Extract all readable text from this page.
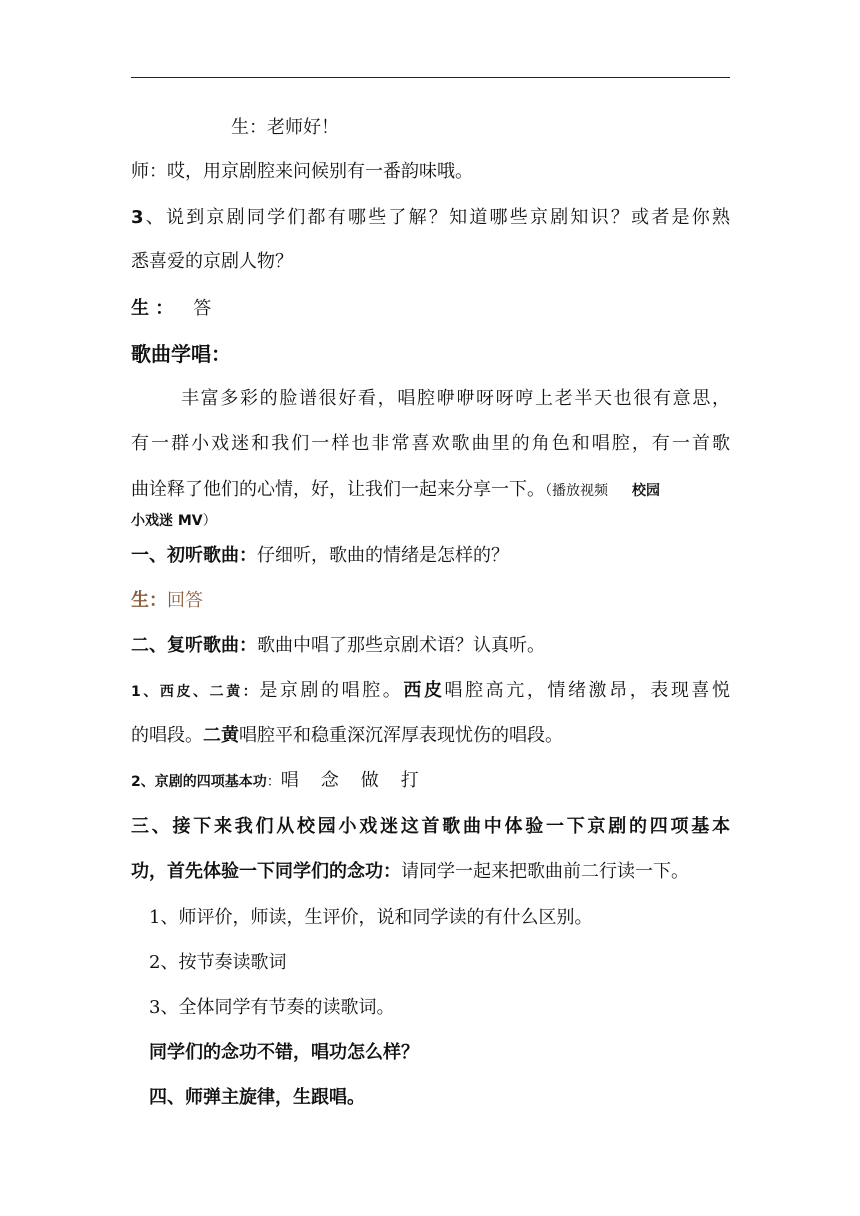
生：老师好！
师：哎，用京剧腔来问候别有一番韵味哦。
3、说到京剧同学们都有哪些了解？知道哪些京剧知识？或者是你熟
悉喜爱的京剧人物？
生 ： 答
歌曲学唱：
丰富多彩的脸谱很好看，唱腔咿咿呀呀哼上老半天也很有意思，
有一群小戏迷和我们一样也非常喜欢歌曲里的角色和唱腔，有一首歌
曲诠释了他们的心情，好，让我们一起来分享一下。（播放视频 校园
小戏迷 MV）
一、初听歌曲：仔细听，歌曲的情绪是怎样的？
生：回答
二、复听歌曲：歌曲中唱了那些京剧术语？认真听。
1、西皮、二黄：是京剧的唱腔。西皮唱腔高亢，情绪激昂，表现喜悦
的唱段。二黄唱腔平和稳重深沉浑厚表现忧伤的唱段。
2、京剧的四项基本功：唱 念 做 打
三、接下来我们从校园小戏迷这首歌曲中体验一下京剧的四项基本
功，首先体验一下同学们的念功：请同学一起来把歌曲前二行读一下。
1、师评价，师读，生评价，说和同学读的有什么区别。
2、按节奏读歌词
3、全体同学有节奏的读歌词。
同学们的念功不错，唱功怎么样？
四、师弹主旋律，生跟唱。
